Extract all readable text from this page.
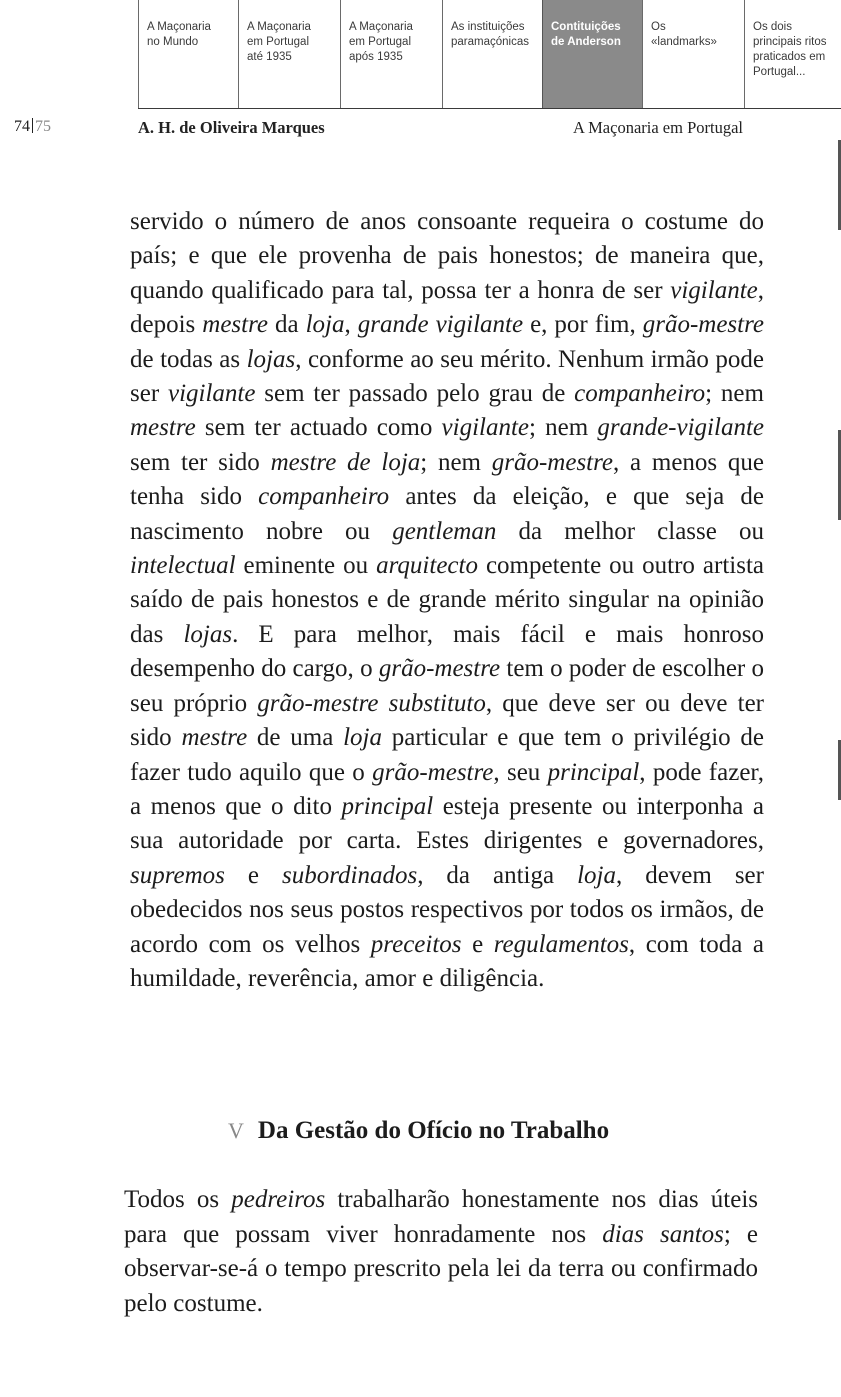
A Maçonaria
no Mundo
A Maçonaria
em Portugal
até 1935
A Maçonaria
em Portugal
após 1935
As instituições
paramaçónicas
Contituições
de Anderson
Os
«landmarks»
Os dois
principais ritos
praticados em
Portugal...
74 75	A. H. de Oliveira Marques	A Maçonaria em Portugal

servido o número de anos consoante requeira o costume do país; e que ele provenha de pais honestos; de maneira que, quando qualificado para tal, possa ter a honra de ser vigilante, depois mestre da loja, grande vigilante e, por fim, grão-mestre de todas as lojas, conforme ao seu mérito. Nenhum irmão pode ser vigilante sem ter passado pelo grau de companheiro; nem mestre sem ter actuado como vigilante; nem grande-vigilante sem ter sido mestre de loja; nem grão-mestre, a menos que tenha sido companheiro antes da eleição, e que seja de nascimento nobre ou gentleman da melhor classe ou intelectual eminente ou arquitecto competente ou outro artista saído de pais honestos e de grande mérito singular na opinião das lojas. E para melhor, mais fácil e mais honroso desempenho do cargo, o grão-mestre tem o poder de escolher o seu próprio grão-mestre substituto, que deve ser ou deve ter sido mestre de uma loja particular e que tem o privilégio de fazer tudo aquilo que o grão-mestre, seu principal, pode fazer, a menos que o dito principal esteja presente ou interponha a sua autoridade por carta. Estes dirigentes e governadores, supremos e subordinados, da antiga loja, devem ser obedecidos nos seus postos respectivos por todos os irmãos, de acordo com os velhos preceitos e regulamentos, com toda a humildade, reverência, amor e diligência.

V Da Gestão do Ofício no Trabalho

Todos os pedreiros trabalharão honestamente nos dias úteis para que possam viver honradamente nos dias santos; e observar-se-á o tempo prescrito pela lei da terra ou confirmado pelo costume.
